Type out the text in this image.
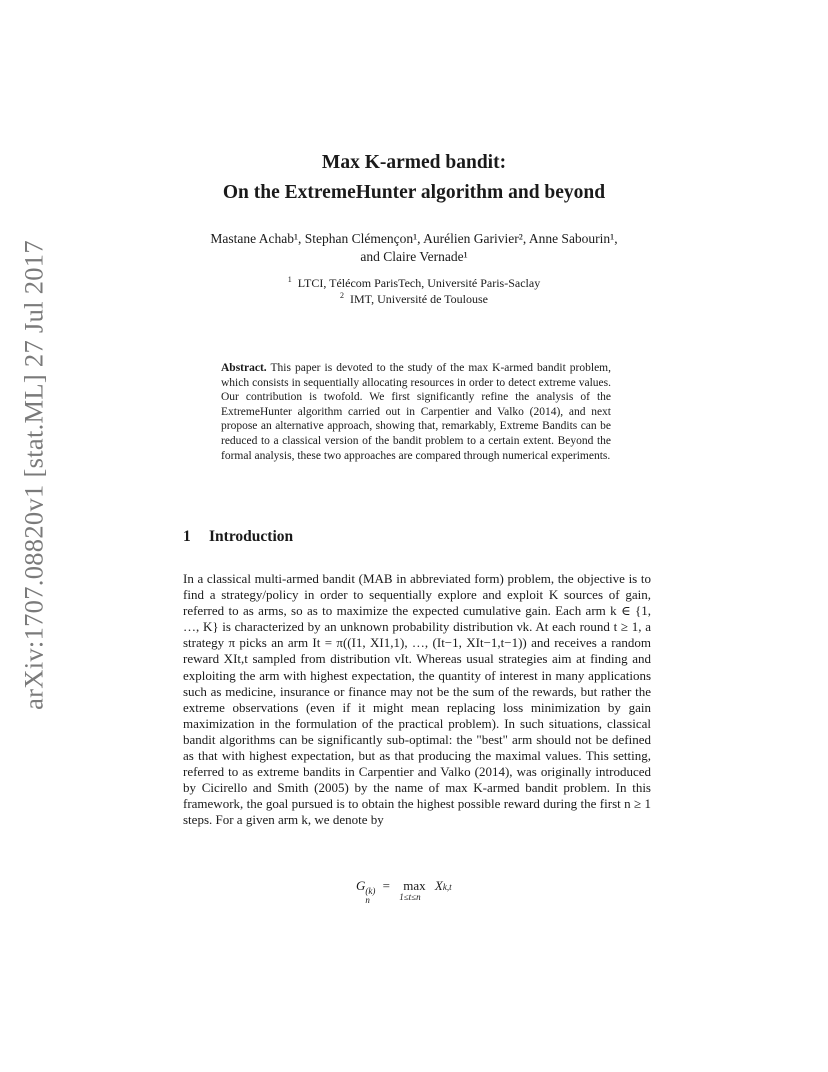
arXiv:1707.08820v1 [stat.ML] 27 Jul 2017
Max K-armed bandit:
On the ExtremeHunter algorithm and beyond
Mastane Achab¹, Stephan Clémençon¹, Aurélien Garivier², Anne Sabourin¹,
and Claire Vernade¹
$^1$ LTCI, Télécom ParisTech, Université Paris-Saclay
$^2$ IMT, Université de Toulouse
Abstract. This paper is devoted to the study of the max K-armed bandit problem, which consists in sequentially allocating resources in order to detect extreme values. Our contribution is twofold. We first significantly refine the analysis of the ExtremeHunter algorithm carried out in Carpentier and Valko (2014), and next propose an alternative approach, showing that, remarkably, Extreme Bandits can be reduced to a classical version of the bandit problem to a certain extent. Beyond the formal analysis, these two approaches are compared through numerical experiments.
1 Introduction
In a classical multi-armed bandit (MAB in abbreviated form) problem, the objective is to find a strategy/policy in order to sequentially explore and exploit K sources of gain, referred to as arms, so as to maximize the expected cumulative gain. Each arm k ∈ {1, …, K} is characterized by an unknown probability distribution νk. At each round t ≥ 1, a strategy π picks an arm It = π((I1, XI1,1), …, (It−1, XIt−1,t−1)) and receives a random reward XIt,t sampled from distribution νIt. Whereas usual strategies aim at finding and exploiting the arm with highest expectation, the quantity of interest in many applications such as medicine, insurance or finance may not be the sum of the rewards, but rather the extreme observations (even if it might mean replacing loss minimization by gain maximization in the formulation of the practical problem). In such situations, classical bandit algorithms can be significantly sub-optimal: the "best" arm should not be defined as that with highest expectation, but as that producing the maximal values. This setting, referred to as extreme bandits in Carpentier and Valko (2014), was originally introduced by Cicirello and Smith (2005) by the name of max K-armed bandit problem. In this framework, the goal pursued is to obtain the highest possible reward during the first n ≥ 1 steps. For a given arm k, we denote by
G (k)
n
= max
1≤t≤n
Xk,t
